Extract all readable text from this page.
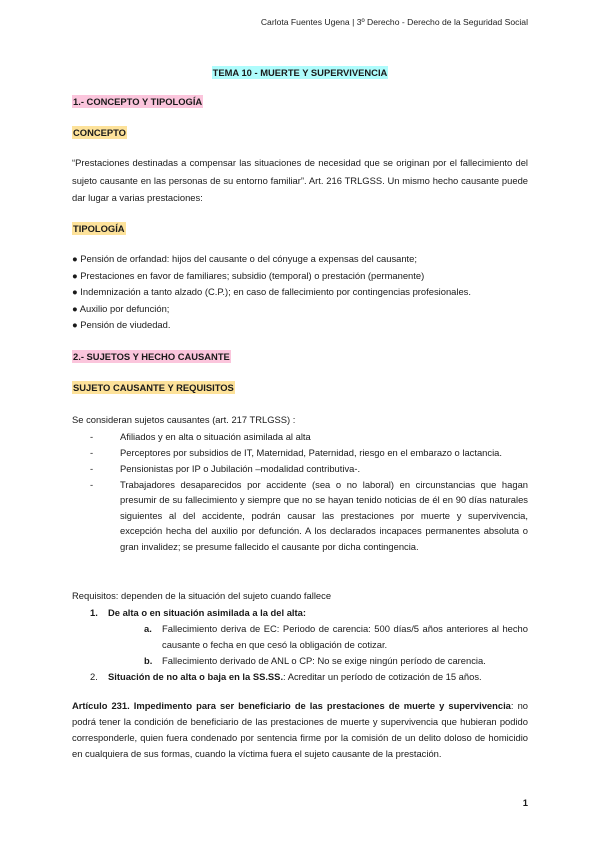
Carlota Fuentes Ugena | 3º Derecho - Derecho de la Seguridad Social
TEMA 10 - MUERTE Y SUPERVIVENCIA
1.- CONCEPTO Y TIPOLOGÍA
CONCEPTO
“Prestaciones destinadas a compensar las situaciones de necesidad que se originan por el fallecimiento del sujeto causante en las personas de su entorno familiar”. Art. 216 TRLGSS. Un mismo hecho causante puede dar lugar a varias prestaciones:
TIPOLOGÍA
● Pensión de orfandad: hijos del causante o del cónyuge a expensas del causante;
● Prestaciones en favor de familiares; subsidio (temporal) o prestación (permanente)
● Indemnización a tanto alzado (C.P.); en caso de fallecimiento por contingencias profesionales.
● Auxilio por defunción;
● Pensión de viudedad.
2.- SUJETOS Y HECHO CAUSANTE
SUJETO CAUSANTE Y REQUISITOS
Se consideran sujetos causantes (art. 217 TRLGSS) :
-	Afiliados y en alta o situación asimilada al alta
-	Perceptores por subsidios de IT, Maternidad, Paternidad, riesgo en el embarazo o lactancia.
-	Pensionistas por IP o Jubilación –modalidad contributiva-.
-	Trabajadores desaparecidos por accidente (sea o no laboral) en circunstancias que hagan presumir de su fallecimiento y siempre que no se hayan tenido noticias de él en 90 días naturales siguientes al del accidente, podrán causar las prestaciones por muerte y supervivencia, excepción hecha del auxilio por defunción. A los declarados incapaces permanentes absoluta o gran invalidez; se presume fallecido el causante por dicha contingencia.
Requisitos: dependen de la situación del sujeto cuando fallece
1. De alta o en situación asimilada a la del alta:
a. Fallecimiento deriva de EC: Periodo de carencia: 500 días/5 años anteriores al hecho causante o fecha en que cesó la obligación de cotizar.
b. Fallecimiento derivado de ANL o CP: No se exige ningún período de carencia.
2. Situación de no alta o baja en la SS.SS.: Acreditar un período de cotización de 15 años.
Artículo 231. Impedimento para ser beneficiario de las prestaciones de muerte y supervivencia: no podrá tener la condición de beneficiario de las prestaciones de muerte y supervivencia que hubieran podido corresponderle, quien fuera condenado por sentencia firme por la comisión de un delito doloso de homicidio en cualquiera de sus formas, cuando la víctima fuera el sujeto causante de la prestación.
1
